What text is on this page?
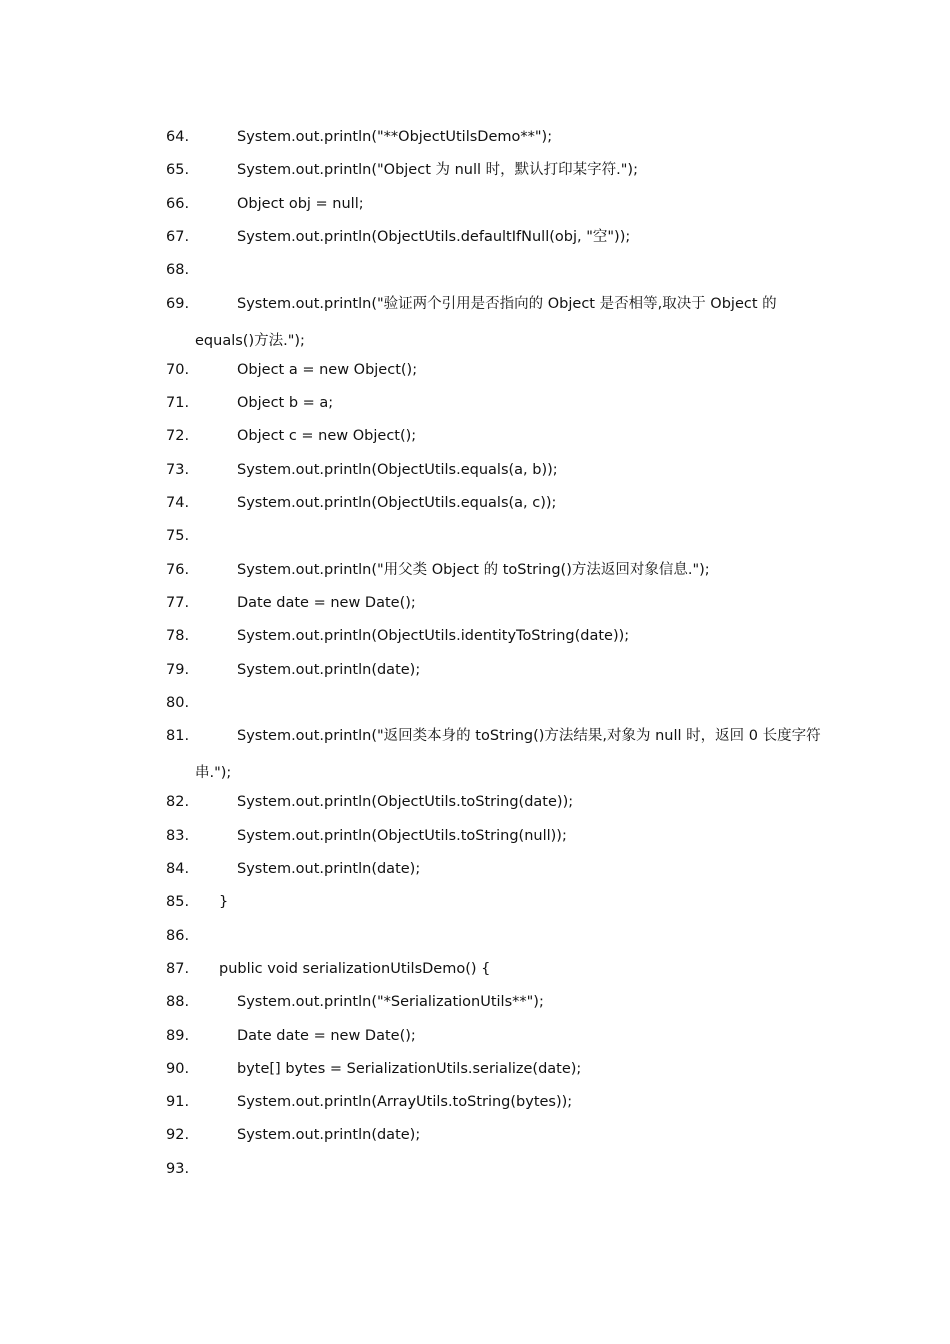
64.	System.out.println("**ObjectUtilsDemo**");
65.	System.out.println("Object 为 null 时，默认打印某字符.");
66.	Object obj = null;
67.	System.out.println(ObjectUtils.defaultIfNull(obj, "空"));
68.
69.	System.out.println("验证两个引用是否指向的 Object 是否相等,取决于 Object 的
equals()方法.");
70.	Object a = new Object();
71.	Object b = a;
72.	Object c = new Object();
73.	System.out.println(ObjectUtils.equals(a, b));
74.	System.out.println(ObjectUtils.equals(a, c));
75.
76.	System.out.println("用父类 Object 的 toString()方法返回对象信息.");
77.	Date date = new Date();
78.	System.out.println(ObjectUtils.identityToString(date));
79.	System.out.println(date);
80.
81.	System.out.println("返回类本身的 toString()方法结果,对象为 null 时，返回 0 长度字符
串.");
82.	System.out.println(ObjectUtils.toString(date));
83.	System.out.println(ObjectUtils.toString(null));
84.	System.out.println(date);
85.	}
86.
87.	public void serializationUtilsDemo() {
88.	System.out.println("*SerializationUtils**");
89.	Date date = new Date();
90.	byte[] bytes = SerializationUtils.serialize(date);
91.	System.out.println(ArrayUtils.toString(bytes));
92.	System.out.println(date);
93.
